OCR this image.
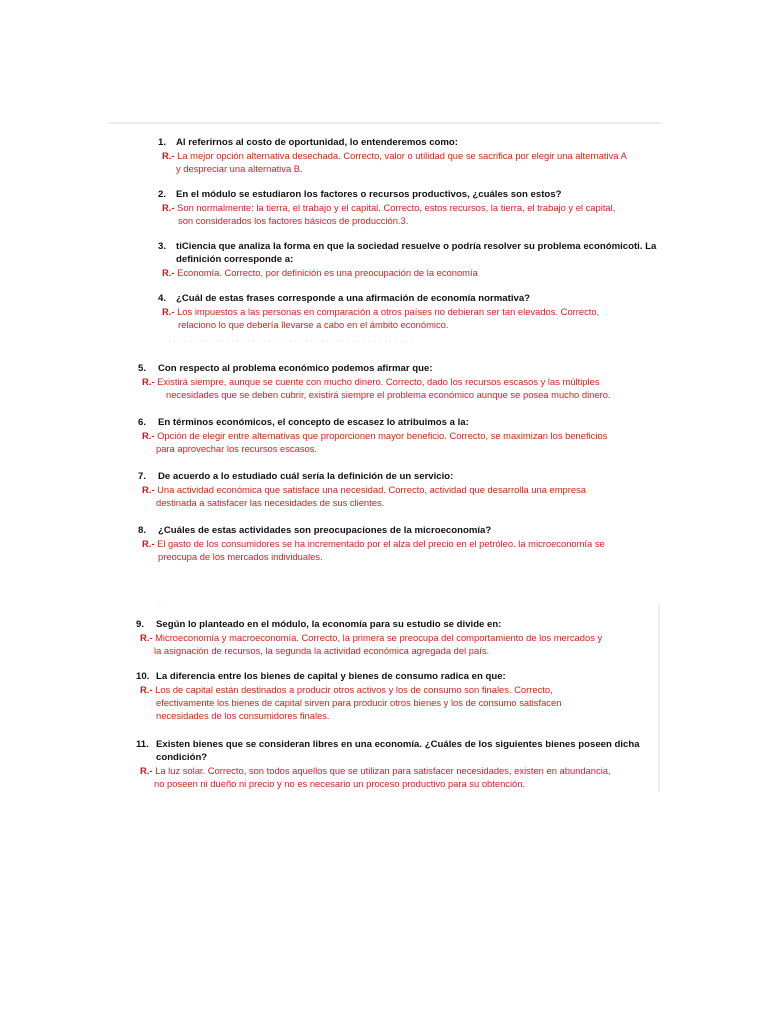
· · · · · · · · · · · · · · · · · · · · · · · · · · · · · · · · · · · · · · · · · · · · · · ·
· ·
1. Al referirnos al costo de oportunidad, lo entenderemos como:
R.- La mejor opción alternativa desechada. Correcto, valor o utilidad que se sacrifica por elegir una alternativa A
y despreciar una alternativa B.
2. En el módulo se estudiaron los factores o recursos productivos, ¿cuáles son estos?
R.- Son normalmente: la tierra, el trabajo y el capital. Correcto, estos recursos, la tierra, el trabajo y el capital,
son considerados los factores básicos de producción.3.
3. tiCiencia que analiza la forma en que la sociedad resuelve o podría resolver su problema económicoti. La
definición corresponde a:
R.- Economía. Correcto, por definición es una preocupación de la economía
4. ¿Cuál de estas frases corresponde a una afirmación de economía normativa?
R.- Los impuestos a las personas en comparación a otros países no debieran ser tan elevados. Correcto,
relaciono lo que debería llevarse a cabo en el ámbito económico.
5. Con respecto al problema económico podemos afirmar que:
R.- Existirá siempre, aunque se cuente con mucho dinero. Correcto, dado los recursos escasos y las múltiples
necesidades que se deben cubrir, existirá siempre el problema económico aunque se posea mucho dinero.
6. En términos económicos, el concepto de escasez lo atribuimos a la:
R.- Opción de elegir entre alternativas que proporcionen mayor beneficio. Correcto, se maximizan los beneficios
para aprovechar los recursos escasos.
7. De acuerdo a lo estudiado cuál sería la definición de un servicio:
R.- Una actividad económica que satisface una necesidad. Correcto, actividad que desarrolla una empresa
destinada a satisfacer las necesidades de sus clientes.
8. ¿Cuáles de estas actividades son preocupaciones de la microeconomía?
R.- El gasto de los consumidores se ha incrementado por el alza del precio en el petróleo. la microeconomía se
preocupa de los mercados individuales.
9. Según lo planteado en el módulo, la economía para su estudio se divide en:
R.- Microeconomía y macroeconomía. Correcto, la primera se preocupa del comportamiento de los mercados y
la asignación de recursos, la segunda la actividad económica agregada del país.
10. La diferencia entre los bienes de capital y bienes de consumo radica en que:
R.- Los de capital están destinados a producir otros activos y los de consumo son finales. Correcto,
efectivamente los bienes de capital sirven para producir otros bienes y los de consumo satisfacen
necesidades de los consumidores finales.
11. Existen bienes que se consideran libres en una economía. ¿Cuáles de los siguientes bienes poseen dicha
condición?
R.- La luz solar. Correcto, son todos aquellos que se utilizan para satisfacer necesidades, existen en abundancia,
no poseen ni dueño ni precio y no es necesario un proceso productivo para su obtención.
